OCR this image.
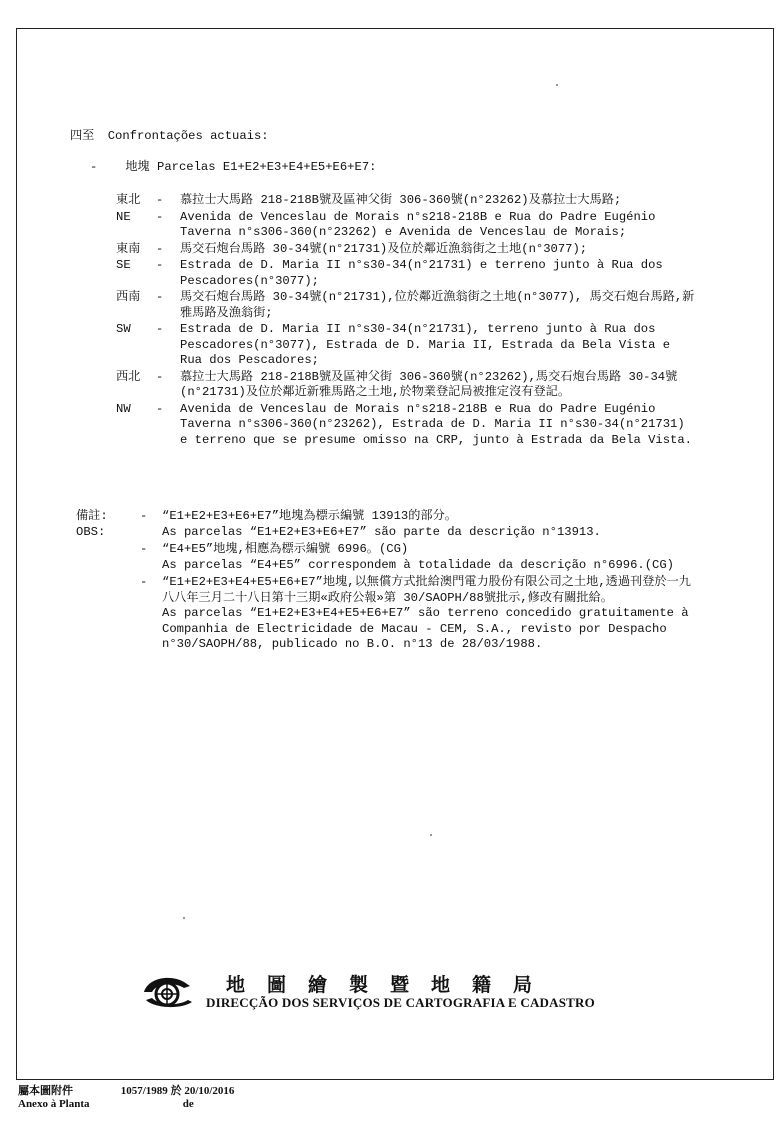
四至 Confrontações actuais:
- 地塊 Parcelas E1+E2+E3+E4+E5+E6+E7:
東北	-	慕拉士大馬路 218-218B號及區神父街 306-360號(n°23262)及慕拉士大馬路;
NE	-	Avenida de Venceslau de Morais n°s218-218B e Rua do Padre Eugénio Taverna n°s306-360(n°23262) e Avenida de Venceslau de Morais;
東南	-	馬交石炮台馬路 30-34號(n°21731)及位於鄰近漁翁街之土地(n°3077);
SE	-	Estrada de D. Maria II n°s30-34(n°21731) e terreno junto à Rua dos Pescadores(n°3077);
西南	-	馬交石炮台馬路 30-34號(n°21731),位於鄰近漁翁街之土地(n°3077), 馬交石炮台馬路,新雅馬路及漁翁街;
SW	-	Estrada de D. Maria II n°s30-34(n°21731), terreno junto à Rua dos Pescadores(n°3077), Estrada de D. Maria II, Estrada da Bela Vista e Rua dos Pescadores;
西北	-	慕拉士大馬路 218-218B號及區神父街 306-360號(n°23262),馬交石炮台馬路 30-34號(n°21731)及位於鄰近新雅馬路之土地,於物業登記局被推定沒有登記。
NW	-	Avenida de Venceslau de Morais n°s218-218B e Rua do Padre Eugénio Taverna n°s306-360(n°23262), Estrada de D. Maria II n°s30-34(n°21731) e terreno que se presume omisso na CRP, junto à Estrada da Bela Vista.
備註:
OBS:
-	“E1+E2+E3+E6+E7”地塊為標示編號 13913的部分。
As parcelas “E1+E2+E3+E6+E7” são parte da descrição n°13913.
-	“E4+E5”地塊,相應為標示編號 6996。(CG)
As parcelas “E4+E5” correspondem à totalidade da descrição n°6996.(CG)
-	“E1+E2+E3+E4+E5+E6+E7”地塊,以無償方式批給澳門電力股份有限公司之土地,透過刊登於一九八八年三月二十八日第十三期«政府公報»第 30/SAOPH/88號批示,修改有關批給。
As parcelas “E1+E2+E3+E4+E5+E6+E7” são terreno concedido gratuitamente à Companhia de Electricidade de Macau - CEM, S.A., revisto por Despacho n°30/SAOPH/88, publicado no B.O. n°13 de 28/03/1988.
地圖繪製暨地籍局
DIRECÇÃO DOS SERVIÇOS DE CARTOGRAFIA E CADASTRO
屬本圖附件	1057/1989 於 20/10/2016
Anexo à Planta	de
